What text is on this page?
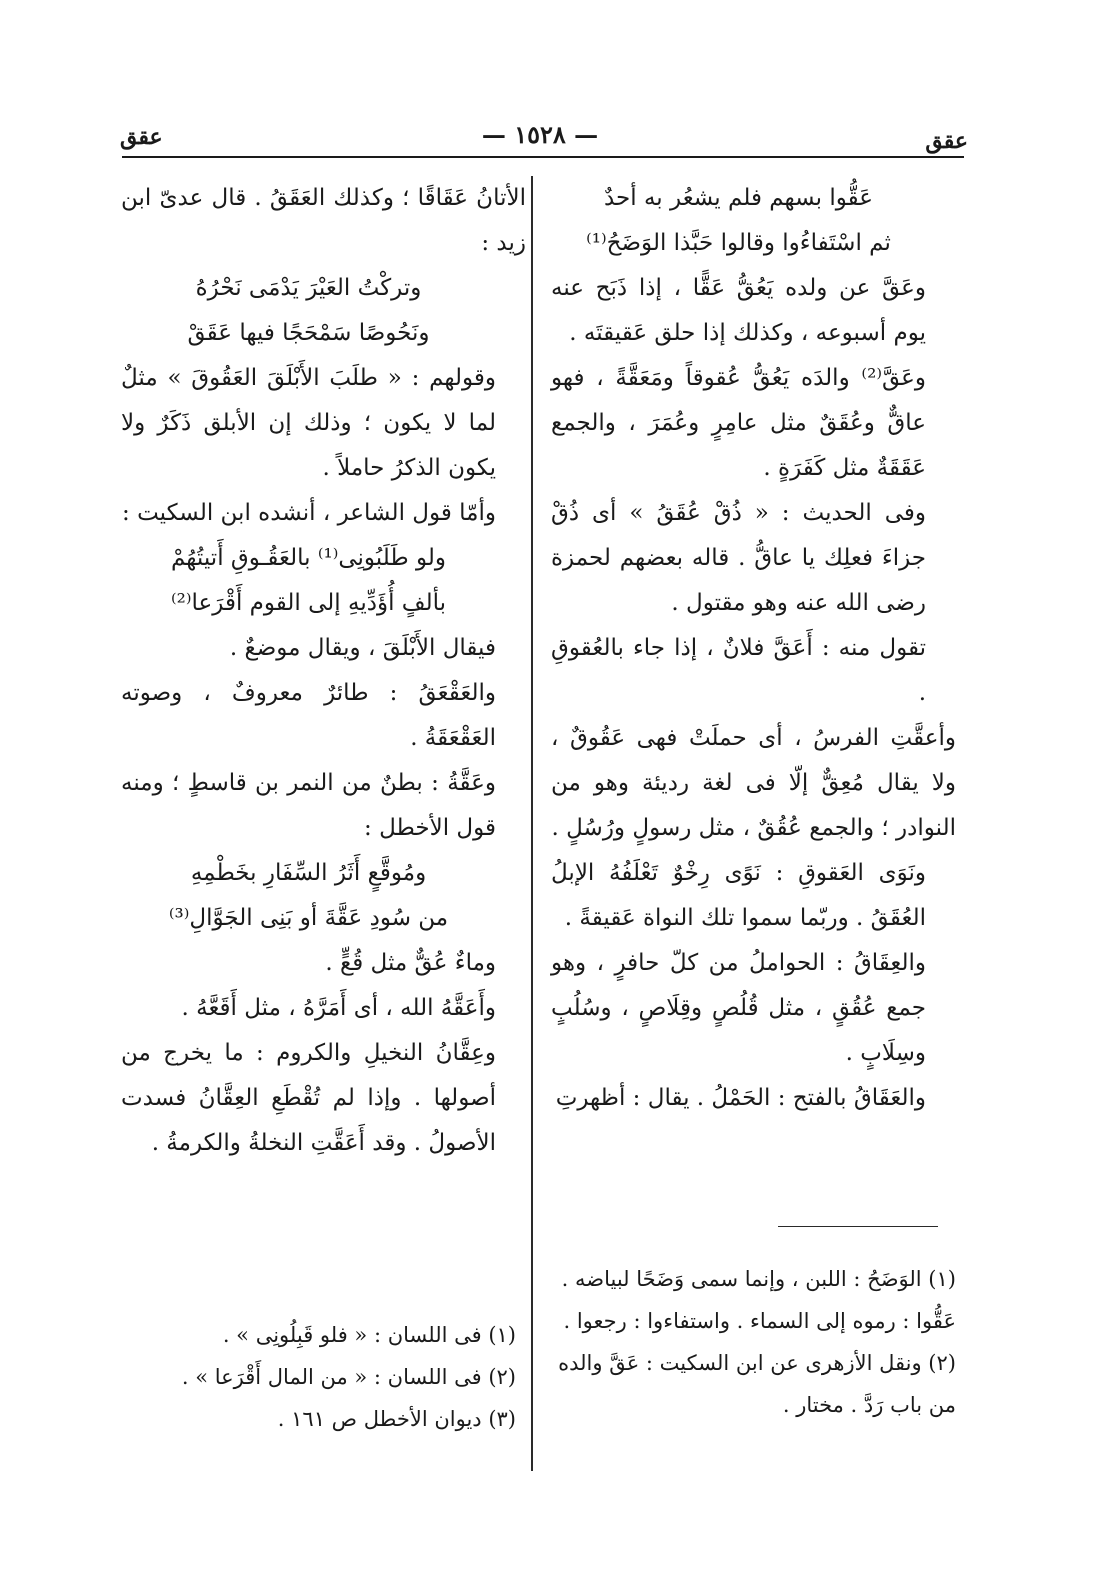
عقق
— ١٥٢٨ —
عقق

عَقُّوا بسهم فلم يشعُر به أحدٌ

ثم اسْتَفاءُوا وقالوا حَبَّذا الوَضَحُ⁽¹⁾

وعَقَّ عن ولده يَعُقُّ عَقًّا ، إذا ذَبَح عنه يوم أسبوعه ، وكذلك إذا حلق عَقيقتَه .

وعَقَّ⁽²⁾ والدَه يَعُقُّ عُقوقاً ومَعَقَّةً ، فهو عاقٌّ وعُقَقٌ مثل عامِرٍ وعُمَرَ ، والجمع عَقَقَةٌ مثل كَفَرَةٍ .

وفى الحديث : « ذُقْ عُقَقُ » أى ذُقْ جزاءَ فعلِك يا عاقُّ . قاله بعضهم لحمزة رضى الله عنه وهو مقتول .

تقول منه : أَعَقَّ فلانٌ ، إذا جاء بالعُقوقِ .

وأعقَّتِ الفرسُ ، أى حملَتْ فهى عَقُوقٌ ، ولا يقال مُعِقٌّ إلّا فى لغة رديئة وهو من النوادر ؛ والجمع عُقُقٌ ، مثل رسولٍ ورُسُلٍ .

ونَوَى العَقوقِ : نَوًى رِخْوٌ تَعْلَفُهُ الإبلُ العُقَقُ . وربّما سموا تلك النواة عَقيقةً .

والعِقَاقُ : الحواملُ من كلّ حافرٍ ، وهو جمع عُقُقٍ ، مثل قُلُصٍ وقِلَاصٍ ، وسُلُبٍ وسِلَابٍ .

والعَقَاقُ بالفتح : الحَمْلُ . يقال : أظهرتِ

الأتانُ عَقَاقًا ؛ وكذلك العَقَقُ . قال عدىّ ابن زيد :

وتركْتُ العَيْرَ يَدْمَى نَحْرُهُ

ونَحُوصًا سَمْحَجًا فيها عَقَقْ

وقولهم : « طلَبَ الأَبْلَقَ العَقُوقَ » مثلٌ لما لا يكون ؛ وذلك إن الأبلق ذَكَرٌ ولا يكون الذكرُ حاملاً .

وأمّا قول الشاعر ، أنشده ابن السكيت :

ولو طَلَبُونِى⁽¹⁾ بالعَقُـوقِ أَتيتُهُمْ

بألفٍ أُؤَدِّيهِ إلى القوم أَقْرَعا⁽²⁾

فيقال الأَبْلَقَ ، ويقال موضعٌ .

والعَقْعَقُ : طائرٌ معروفٌ ، وصوته العَقْعَقَةُ .

وعَقَّةُ : بطنٌ من النمر بن قاسطٍ ؛ ومنه قول الأخطل :

ومُوقَّعٍ أَثَرُ السِّفَارِ بخَطْمِهِ

من سُودِ عَقَّةَ أو بَنِى الجَوَّالِ⁽³⁾

وماءٌ عُقٌّ مثل قُعٍّ .

وأَعَقَّهُ الله ، أى أَمَرَّهُ ، مثل أَقَعَّهُ .

وعِقَّانُ النخيلِ والكروم : ما يخرج من أصولها . وإذا لم تُقْطَعِ العِقَّانُ فسدت الأصولُ . وقد أَعَقَّتِ النخلةُ والكرمةُ .

(١) الوَضَحُ : اللبن ، وإنما سمى وَضَحًا لبياضه . عَقُّوا : رموه إلى السماء . واستفاءوا : رجعوا .

(٢) ونقل الأزهرى عن ابن السكيت : عَقَّ والده من باب رَدَّ . مختار .

(١) فى اللسان : « فلو قَبِلُونِى » .

(٢) فى اللسان : « من المال أَقْرَعا » .

(٣) ديوان الأخطل ص ١٦١ .
